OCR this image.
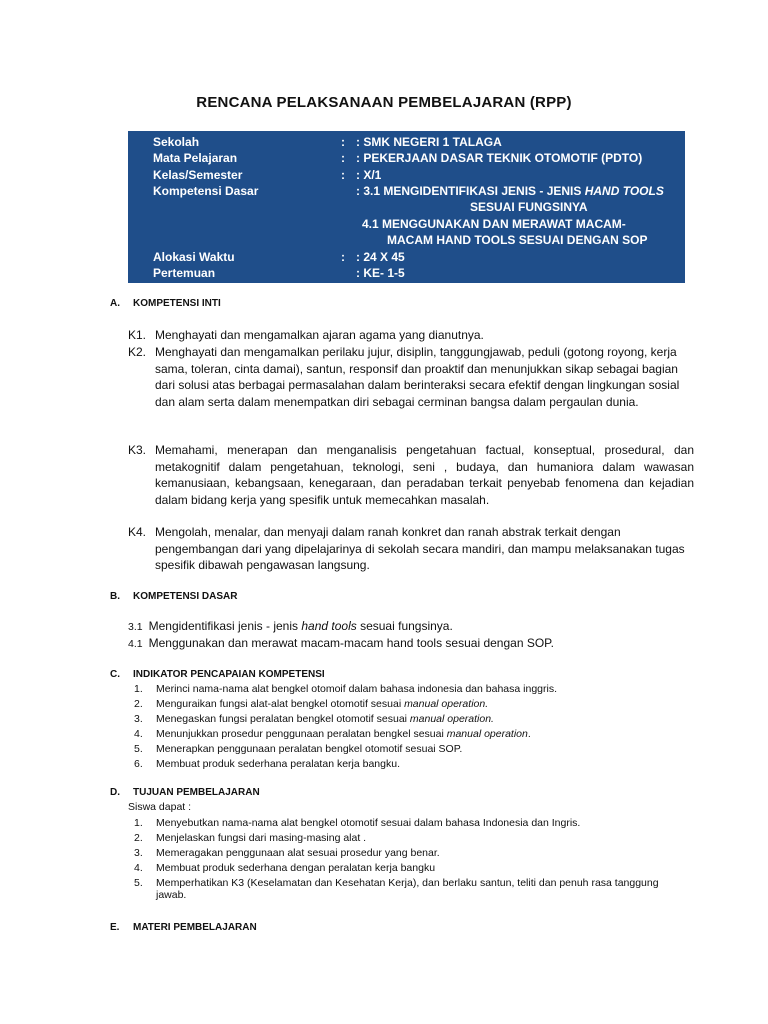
RENCANA PELAKSANAAN PEMBELAJARAN (RPP)
Sekolah	: : SMK NEGERI 1 TALAGA
Mata Pelajaran	: : PEKERJAAN DASAR TEKNIK OTOMOTIF (PDTO)
Kelas/Semester	: : X/1
Kompetensi Dasar	: 3.1 MENGIDENTIFIKASI JENIS - JENIS HAND TOOLS
SESUAI FUNGSINYA
4.1 MENGGUNAKAN DAN MERAWAT MACAM-
MACAM HAND TOOLS SESUAI DENGAN SOP
Alokasi Waktu	: : 24 X 45
Pertemuan	: KE- 1-5
A. KOMPETENSI INTI
K1. Menghayati dan mengamalkan ajaran agama yang dianutnya.
K2. Menghayati dan mengamalkan perilaku jujur, disiplin, tanggungjawab, peduli (gotong royong, kerja sama, toleran, cinta damai), santun, responsif dan proaktif dan menunjukkan sikap sebagai bagian dari solusi atas berbagai permasalahan dalam berinteraksi secara efektif dengan lingkungan sosial dan alam serta dalam menempatkan diri sebagai cerminan bangsa dalam pergaulan dunia.
K3. Memahami, menerapan dan menganalisis pengetahuan factual, konseptual, prosedural, dan metakognitif dalam pengetahuan, teknologi, seni , budaya, dan humaniora dalam wawasan kemanusiaan, kebangsaan, kenegaraan, dan peradaban terkait penyebab fenomena dan kejadian dalam bidang kerja yang spesifik untuk memecahkan masalah.
K4. Mengolah, menalar, dan menyaji dalam ranah konkret dan ranah abstrak terkait dengan pengembangan dari yang dipelajarinya di sekolah secara mandiri, dan mampu melaksanakan tugas spesifik dibawah pengawasan langsung.
B. KOMPETENSI DASAR
3.1 Mengidentifikasi jenis - jenis hand tools sesuai fungsinya.
4.1 Menggunakan dan merawat macam-macam hand tools sesuai dengan SOP.
C. INDIKATOR PENCAPAIAN KOMPETENSI
1. Merinci nama-nama alat bengkel otomoif dalam bahasa indonesia dan bahasa inggris.
2. Menguraikan fungsi alat-alat bengkel otomotif sesuai manual operation.
3. Menegaskan fungsi peralatan bengkel otomotif sesuai manual operation.
4. Menunjukkan prosedur penggunaan peralatan bengkel sesuai manual operation.
5. Menerapkan penggunaan peralatan bengkel otomotif sesuai SOP.
6. Membuat produk sederhana peralatan kerja bangku.
D. TUJUAN PEMBELAJARAN
Siswa dapat :
1. Menyebutkan nama-nama alat bengkel otomotif sesuai dalam bahasa Indonesia dan Ingris.
2. Menjelaskan fungsi dari masing-masing alat .
3. Memeragakan penggunaan alat sesuai prosedur yang benar.
4. Membuat produk sederhana dengan peralatan kerja bangku
5. Memperhatikan K3 (Keselamatan dan Kesehatan Kerja), dan berlaku santun, teliti dan penuh rasa tanggung jawab.
E. MATERI PEMBELAJARAN
